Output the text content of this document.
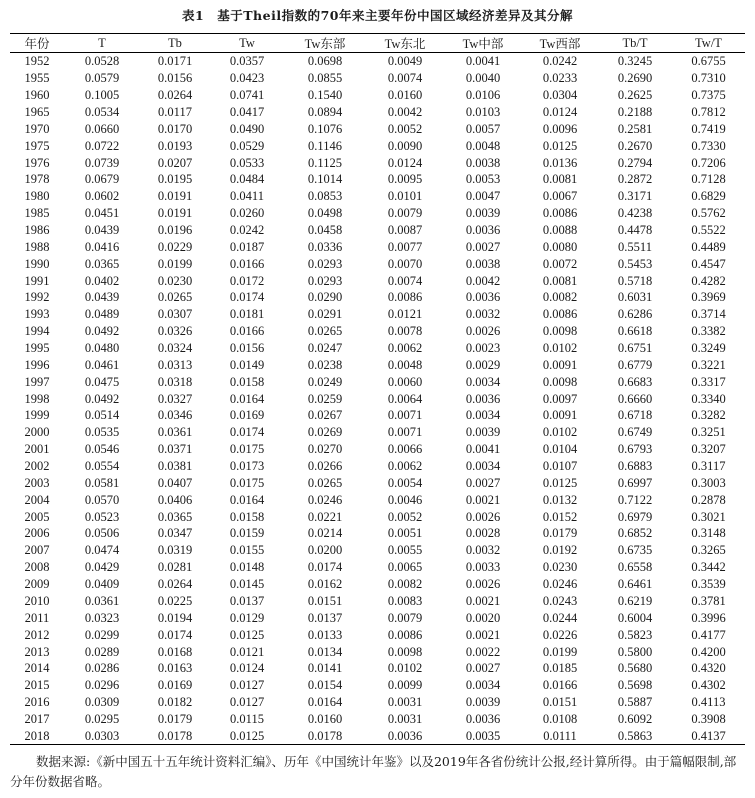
表1　基于Theil指数的70年来主要年份中国区域经济差异及其分解
年份	T	Tb	Tw	Tw东部	Tw东北	Tw中部	Tw西部	Tb/T	Tw/T
1952	0.0528	0.0171	0.0357	0.0698	0.0049	0.0041	0.0242	0.3245	0.6755
1955	0.0579	0.0156	0.0423	0.0855	0.0074	0.0040	0.0233	0.2690	0.7310
1960	0.1005	0.0264	0.0741	0.1540	0.0160	0.0106	0.0304	0.2625	0.7375
1965	0.0534	0.0117	0.0417	0.0894	0.0042	0.0103	0.0124	0.2188	0.7812
1970	0.0660	0.0170	0.0490	0.1076	0.0052	0.0057	0.0096	0.2581	0.7419
1975	0.0722	0.0193	0.0529	0.1146	0.0090	0.0048	0.0125	0.2670	0.7330
1976	0.0739	0.0207	0.0533	0.1125	0.0124	0.0038	0.0136	0.2794	0.7206
1978	0.0679	0.0195	0.0484	0.1014	0.0095	0.0053	0.0081	0.2872	0.7128
1980	0.0602	0.0191	0.0411	0.0853	0.0101	0.0047	0.0067	0.3171	0.6829
1985	0.0451	0.0191	0.0260	0.0498	0.0079	0.0039	0.0086	0.4238	0.5762
1986	0.0439	0.0196	0.0242	0.0458	0.0087	0.0036	0.0088	0.4478	0.5522
1988	0.0416	0.0229	0.0187	0.0336	0.0077	0.0027	0.0080	0.5511	0.4489
1990	0.0365	0.0199	0.0166	0.0293	0.0070	0.0038	0.0072	0.5453	0.4547
1991	0.0402	0.0230	0.0172	0.0293	0.0074	0.0042	0.0081	0.5718	0.4282
1992	0.0439	0.0265	0.0174	0.0290	0.0086	0.0036	0.0082	0.6031	0.3969
1993	0.0489	0.0307	0.0181	0.0291	0.0121	0.0032	0.0086	0.6286	0.3714
1994	0.0492	0.0326	0.0166	0.0265	0.0078	0.0026	0.0098	0.6618	0.3382
1995	0.0480	0.0324	0.0156	0.0247	0.0062	0.0023	0.0102	0.6751	0.3249
1996	0.0461	0.0313	0.0149	0.0238	0.0048	0.0029	0.0091	0.6779	0.3221
1997	0.0475	0.0318	0.0158	0.0249	0.0060	0.0034	0.0098	0.6683	0.3317
1998	0.0492	0.0327	0.0164	0.0259	0.0064	0.0036	0.0097	0.6660	0.3340
1999	0.0514	0.0346	0.0169	0.0267	0.0071	0.0034	0.0091	0.6718	0.3282
2000	0.0535	0.0361	0.0174	0.0269	0.0071	0.0039	0.0102	0.6749	0.3251
2001	0.0546	0.0371	0.0175	0.0270	0.0066	0.0041	0.0104	0.6793	0.3207
2002	0.0554	0.0381	0.0173	0.0266	0.0062	0.0034	0.0107	0.6883	0.3117
2003	0.0581	0.0407	0.0175	0.0265	0.0054	0.0027	0.0125	0.6997	0.3003
2004	0.0570	0.0406	0.0164	0.0246	0.0046	0.0021	0.0132	0.7122	0.2878
2005	0.0523	0.0365	0.0158	0.0221	0.0052	0.0026	0.0152	0.6979	0.3021
2006	0.0506	0.0347	0.0159	0.0214	0.0051	0.0028	0.0179	0.6852	0.3148
2007	0.0474	0.0319	0.0155	0.0200	0.0055	0.0032	0.0192	0.6735	0.3265
2008	0.0429	0.0281	0.0148	0.0174	0.0065	0.0033	0.0230	0.6558	0.3442
2009	0.0409	0.0264	0.0145	0.0162	0.0082	0.0026	0.0246	0.6461	0.3539
2010	0.0361	0.0225	0.0137	0.0151	0.0083	0.0021	0.0243	0.6219	0.3781
2011	0.0323	0.0194	0.0129	0.0137	0.0079	0.0020	0.0244	0.6004	0.3996
2012	0.0299	0.0174	0.0125	0.0133	0.0086	0.0021	0.0226	0.5823	0.4177
2013	0.0289	0.0168	0.0121	0.0134	0.0098	0.0022	0.0199	0.5800	0.4200
2014	0.0286	0.0163	0.0124	0.0141	0.0102	0.0027	0.0185	0.5680	0.4320
2015	0.0296	0.0169	0.0127	0.0154	0.0099	0.0034	0.0166	0.5698	0.4302
2016	0.0309	0.0182	0.0127	0.0164	0.0031	0.0039	0.0151	0.5887	0.4113
2017	0.0295	0.0179	0.0115	0.0160	0.0031	0.0036	0.0108	0.6092	0.3908
2018	0.0303	0.0178	0.0125	0.0178	0.0036	0.0035	0.0111	0.5863	0.4137
数据来源:《新中国五十五年统计资料汇编》、历年《中国统计年鉴》以及2019年各省份统计公报,经计算所得。由于篇幅限制,部分年份数据省略。
